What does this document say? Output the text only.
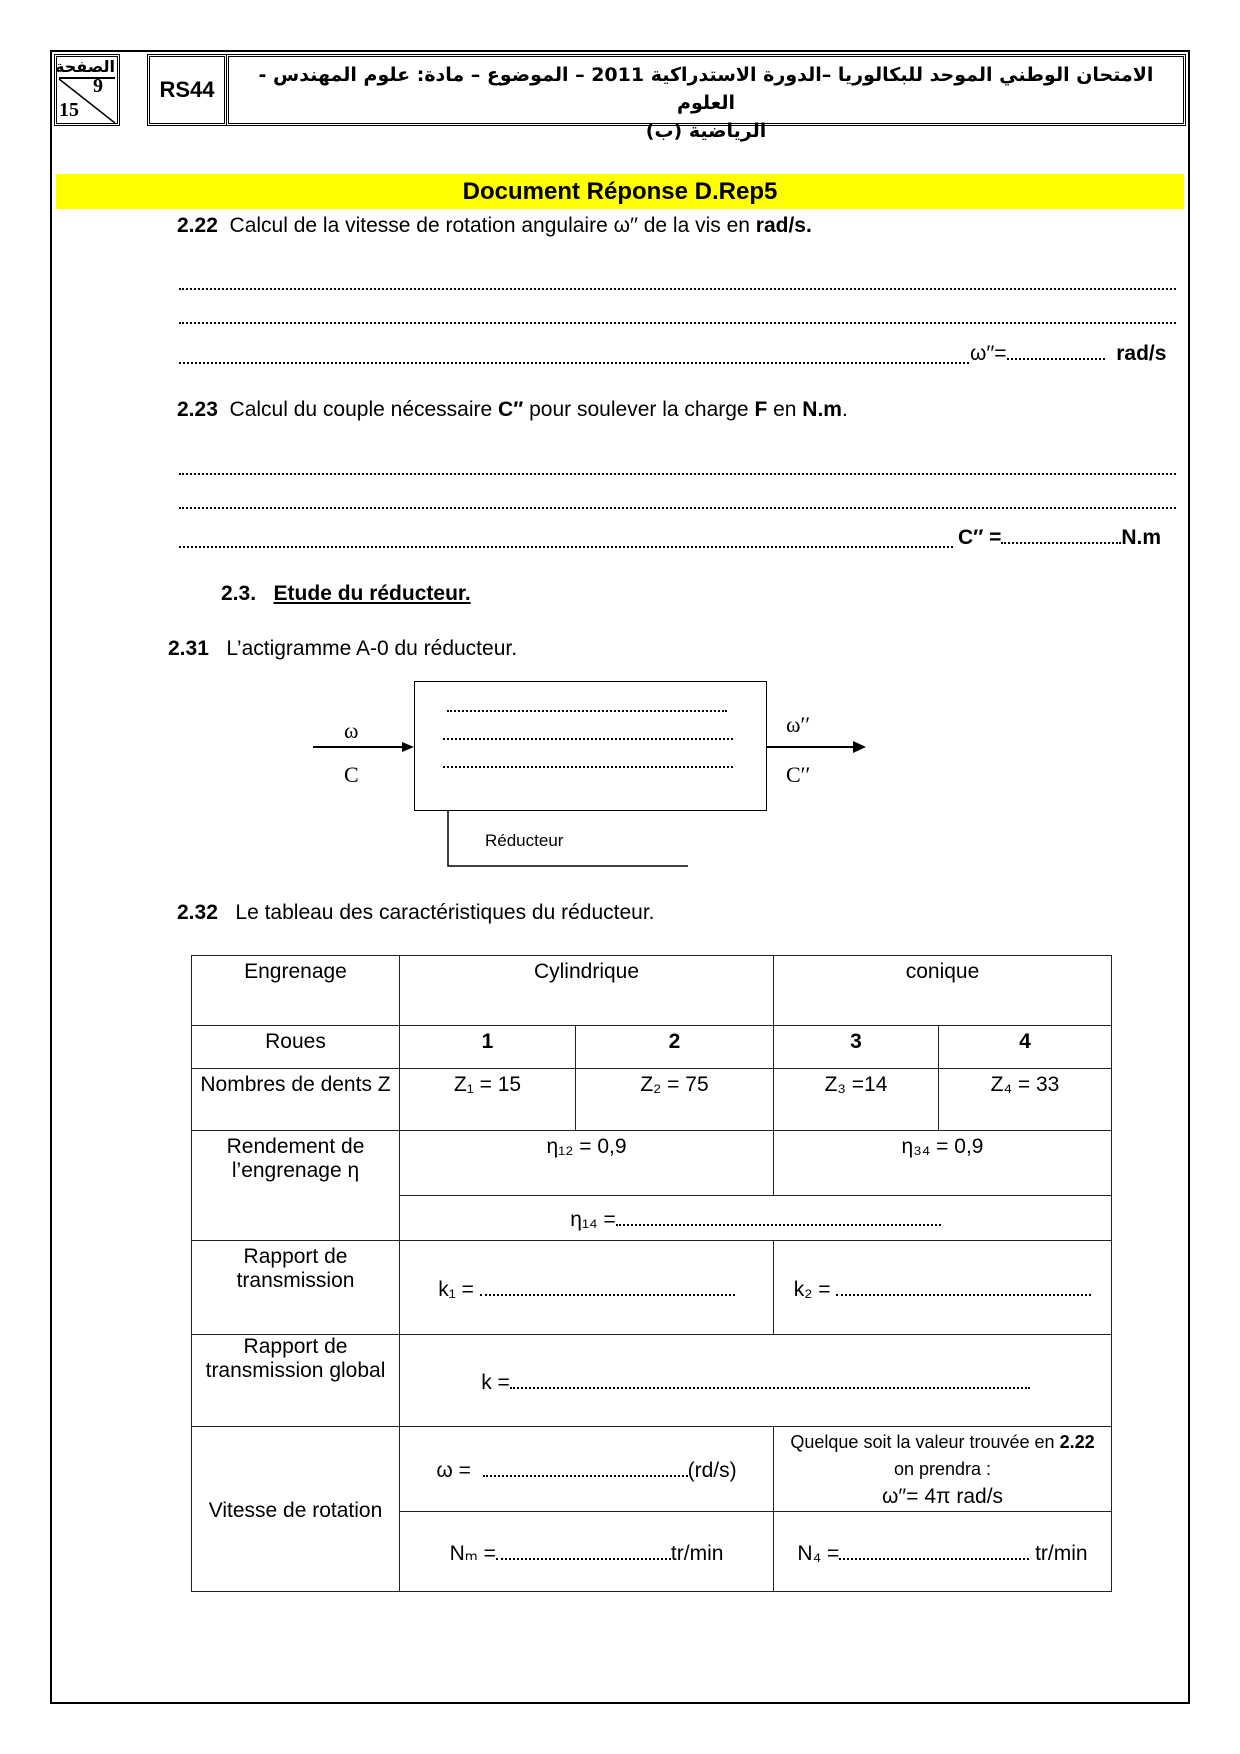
الصفحة
9
15
RS44
الامتحان الوطني الموحد للبكالوريا –الدورة الاستدراكية 2011 – الموضوع – مادة: علوم المهندس - العلوم
الرياضية (ب)
Document Réponse D.Rep5
2.22 Calcul de la vitesse de rotation angulaire ω′′ de la vis en rad/s.
ω′′=	rad/s
2.23 Calcul du couple nécessaire C′′ pour soulever la charge F en N.m.
C′′ =	N.m
2.3. Etude du réducteur.
2.31 L’actigramme A-0 du réducteur.
ω
C
ω′′
C′′
Réducteur
2.32 Le tableau des caractéristiques du réducteur.
Engrenage	Cylindrique		conique	
Roues	1	2	3	4
Nombres de dents Z	Z₁ = 15	Z₂ = 75	Z₃ =14	Z₄ = 33
Rendement de l’engrenage η	η₁₂ = 0,9		η₃₄ = 0,9	
	η₁₄ =			
Rapport de transmission	k₁ =		k₂ =	
Rapport de transmission global	k =			
Vitesse de rotation	ω = (rd/s)		Quelque soit la valeur trouvée en 2.22
on prendra :
ω′′= 4π rad/s	
	Nₘ = tr/min		N₄ = tr/min	
